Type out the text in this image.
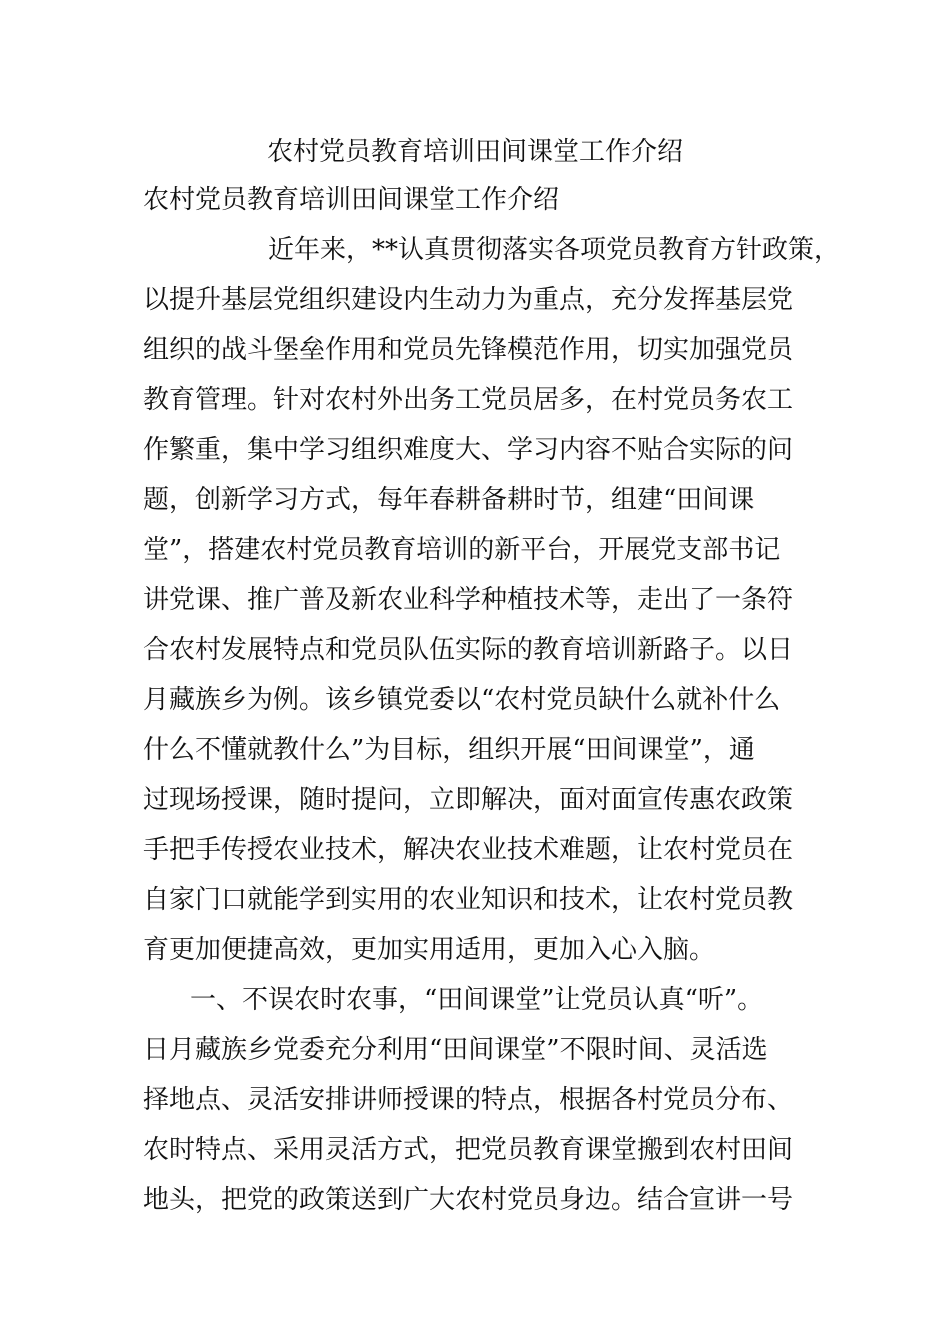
农村党员教育培训田间课堂工作介绍
农村党员教育培训田间课堂工作介绍
近年来，**认真贯彻落实各项党员教育方针政策，
以提升基层党组织建设内生动力为重点，充分发挥基层党
组织的战斗堡垒作用和党员先锋模范作用，切实加强党员
教育管理。针对农村外出务工党员居多，在村党员务农工
作繁重，集中学习组织难度大、学习内容不贴合实际的问
题，创新学习方式，每年春耕备耕时节，组建“田间课
堂”，搭建农村党员教育培训的新平台，开展党支部书记
讲党课、推广普及新农业科学种植技术等，走出了一条符
合农村发展特点和党员队伍实际的教育培训新路子。以日
月藏族乡为例。该乡镇党委以“农村党员缺什么就补什么
什么不懂就教什么”为目标，组织开展“田间课堂”，通
过现场授课，随时提问，立即解决，面对面宣传惠农政策
手把手传授农业技术，解决农业技术难题，让农村党员在
自家门口就能学到实用的农业知识和技术，让农村党员教
育更加便捷高效，更加实用适用，更加入心入脑。
一、不误农时农事，“田间课堂”让党员认真“听”。
日月藏族乡党委充分利用“田间课堂”不限时间、灵活选
择地点、灵活安排讲师授课的特点，根据各村党员分布、
农时特点、采用灵活方式，把党员教育课堂搬到农村田间
地头，把党的政策送到广大农村党员身边。结合宣讲一号
